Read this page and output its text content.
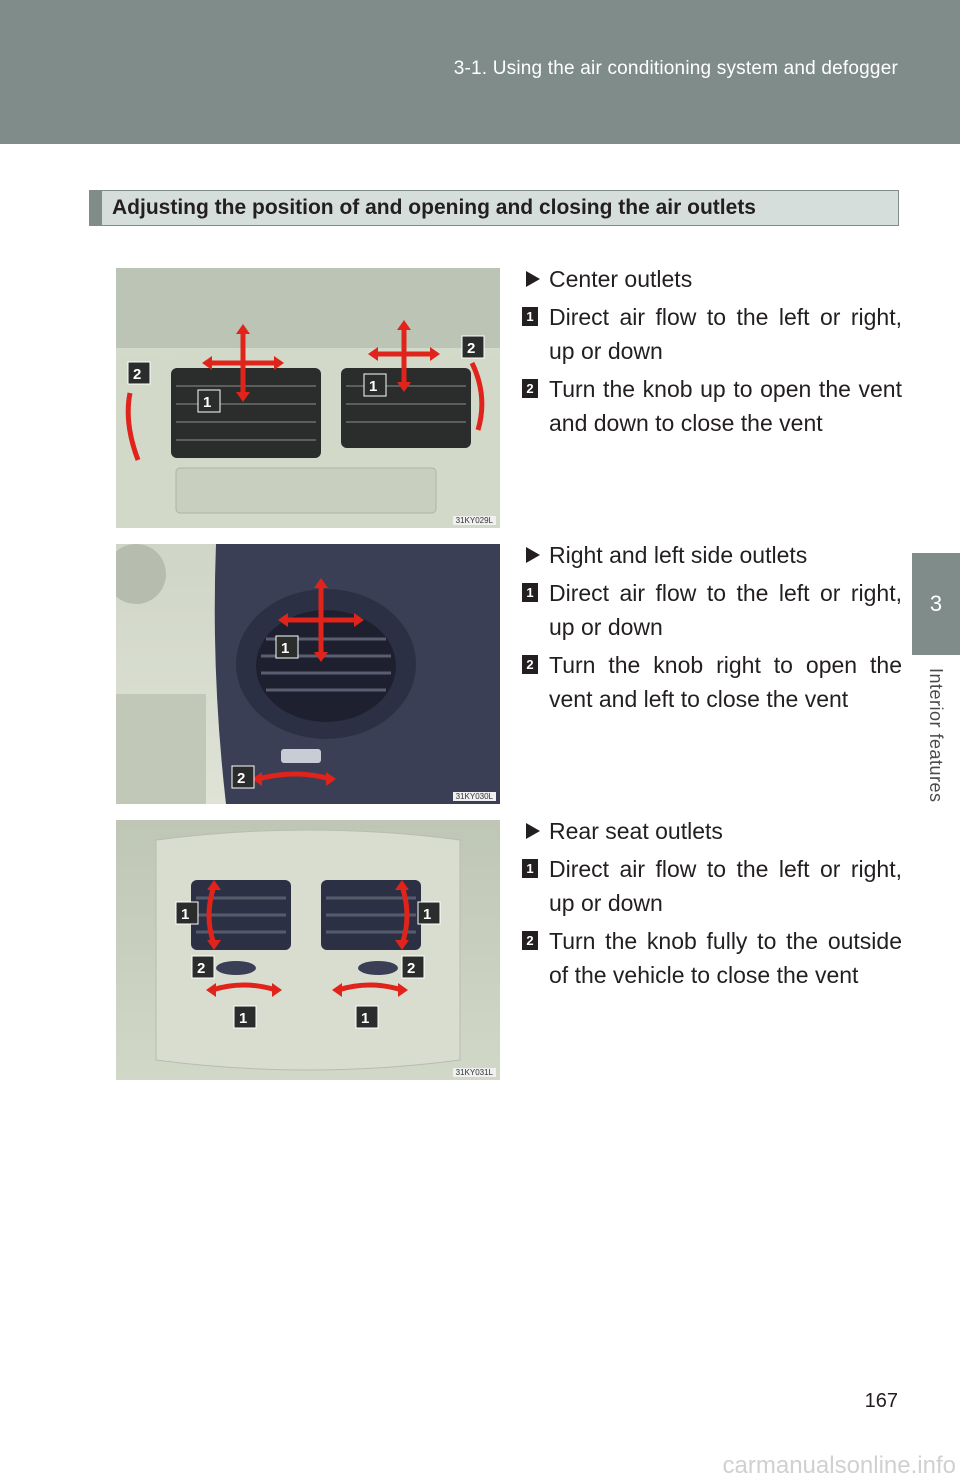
3-1. Using the air conditioning system and defogger
3
Interior features
Adjusting the position of and opening and closing the air outlets
2
2
1
1
31KY029L
Center outlets
1 Direct air flow to the left or right, up or down
2 Turn the knob up to open the vent and down to close the vent
1
2
31KY030L
Right and left side outlets
1 Direct air flow to the left or right, up or down
2 Turn the knob right to open the vent and left to close the vent
1	1
2	2
1	1
31KY031L
Rear seat outlets
1 Direct air flow to the left or right, up or down
2 Turn the knob fully to the outside of the vehicle to close the vent
167
carmanualsonline.info
